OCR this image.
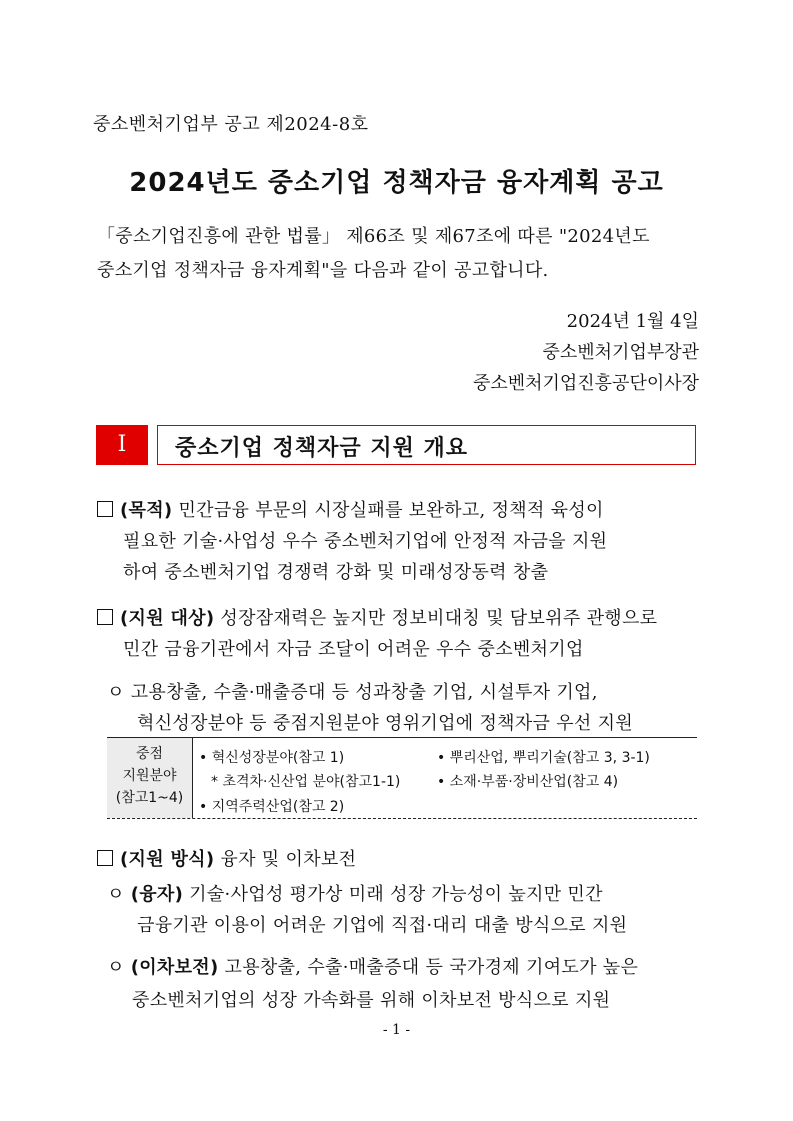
중소벤처기업부 공고 제2024-8호
2024년도 중소기업 정책자금 융자계획 공고
「중소기업진흥에 관한 법률」 제66조 및 제67조에 따른 "2024년도
중소기업 정책자금 융자계획"을 다음과 같이 공고합니다.
2024년 1월 4일
중소벤처기업부장관
중소벤처기업진흥공단이사장
I	중소기업 정책자금 지원 개요
(목적) 민간금융 부문의 시장실패를 보완하고, 정책적 육성이
필요한 기술·사업성 우수 중소벤처기업에 안정적 자금을 지원
하여 중소벤처기업 경쟁력 강화 및 미래성장동력 창출
(지원 대상) 성장잠재력은 높지만 정보비대칭 및 담보위주 관행으로
민간 금융기관에서 자금 조달이 어려운 우수 중소벤처기업
ㅇ 고용창출, 수출·매출증대 등 성과창출 기업, 시설투자 기업,
혁신성장분야 등 중점지원분야 영위기업에 정책자금 우선 지원
중점
지원분야
(참고1~4)
• 혁신성장분야(참고 1)
* 초격차·신산업 분야(참고1-1)
• 지역주력산업(참고 2)
• 뿌리산업, 뿌리기술(참고 3, 3-1)
• 소재·부품·장비산업(참고 4)
(지원 방식) 융자 및 이차보전
ㅇ (융자) 기술·사업성 평가상 미래 성장 가능성이 높지만 민간
금융기관 이용이 어려운 기업에 직접·대리 대출 방식으로 지원
ㅇ (이차보전) 고용창출, 수출·매출증대 등 국가경제 기여도가 높은
중소벤처기업의 성장 가속화를 위해 이차보전 방식으로 지원
- 1 -
